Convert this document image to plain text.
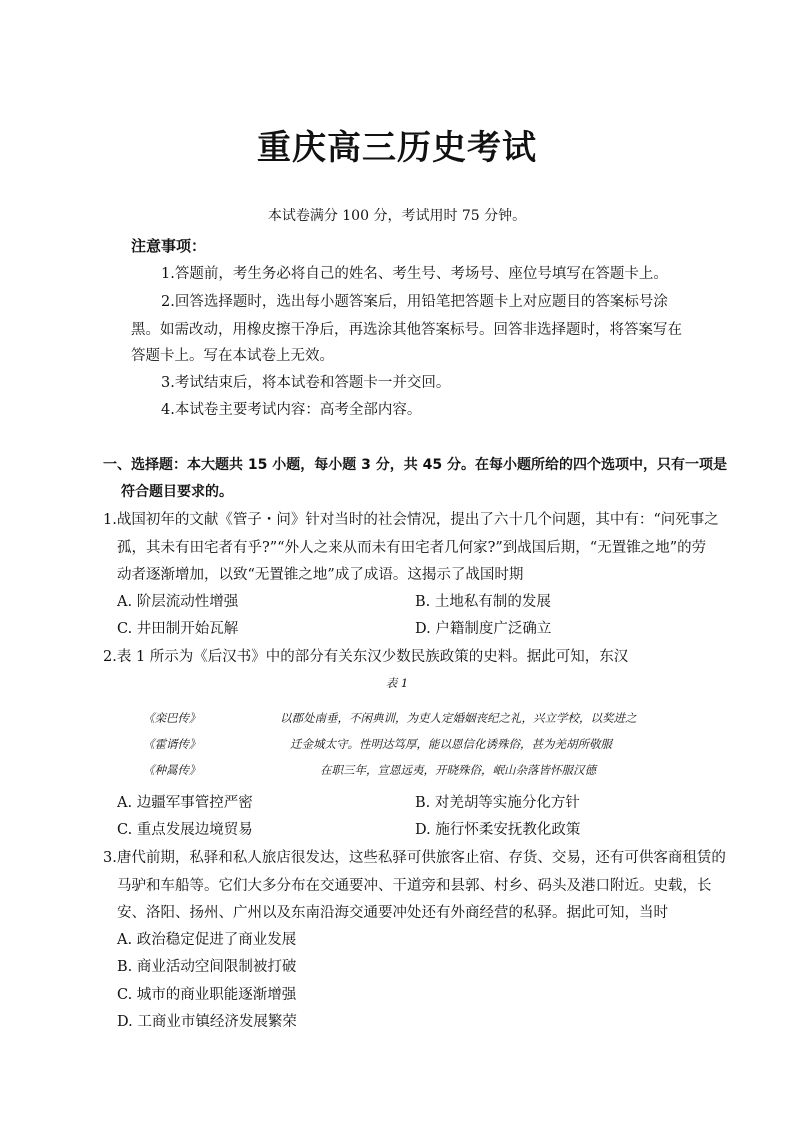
重庆高三历史考试
本试卷满分 100 分，考试用时 75 分钟。
注意事项：
1.答题前，考生务必将自己的姓名、考生号、考场号、座位号填写在答题卡上。
2.回答选择题时，选出每小题答案后，用铅笔把答题卡上对应题目的答案标号涂
黑。如需改动，用橡皮擦干净后，再选涂其他答案标号。回答非选择题时，将答案写在
答题卡上。写在本试卷上无效。
3.考试结束后，将本试卷和答题卡一并交回。
4.本试卷主要考试内容：高考全部内容。
一、选择题：本大题共 15 小题，每小题 3 分，共 45 分。在每小题所给的四个选项中，只有一项是
符合题目要求的。
1.战国初年的文献《管子・问》针对当时的社会情况，提出了六十几个问题，其中有：“问死事之
孤，其未有田宅者有乎?”“外人之来从而未有田宅者几何家?”到战国后期，“无置锥之地”的劳
动者逐渐增加，以致“无置锥之地”成了成语。这揭示了战国时期
A. 阶层流动性增强	B. 土地私有制的发展
C. 井田制开始瓦解	D. 户籍制度广泛确立
2.表 1 所示为《后汉书》中的部分有关东汉少数民族政策的史料。据此可知，东汉
表 1
《栾巴传》	以郡处南垂，不闲典训，为吏人定婚姻丧纪之礼，兴立学校，以奖进之
《霍谞传》	迁金城太守。性明达笃厚，能以恩信化诱殊俗，甚为羌胡所敬服
《种暠传》	在职三年，宣恩远夷，开晓殊俗，岷山杂落皆怀服汉德
A. 边疆军事管控严密	B. 对羌胡等实施分化方针
C. 重点发展边境贸易	D. 施行怀柔安抚教化政策
3.唐代前期，私驿和私人旅店很发达，这些私驿可供旅客止宿、存货、交易，还有可供客商租赁的
马驴和车船等。它们大多分布在交通要冲、干道旁和县郭、村乡、码头及港口附近。史载，长
安、洛阳、扬州、广州以及东南沿海交通要冲处还有外商经营的私驿。据此可知，当时
A. 政治稳定促进了商业发展
B. 商业活动空间限制被打破
C. 城市的商业职能逐渐增强
D. 工商业市镇经济发展繁荣
